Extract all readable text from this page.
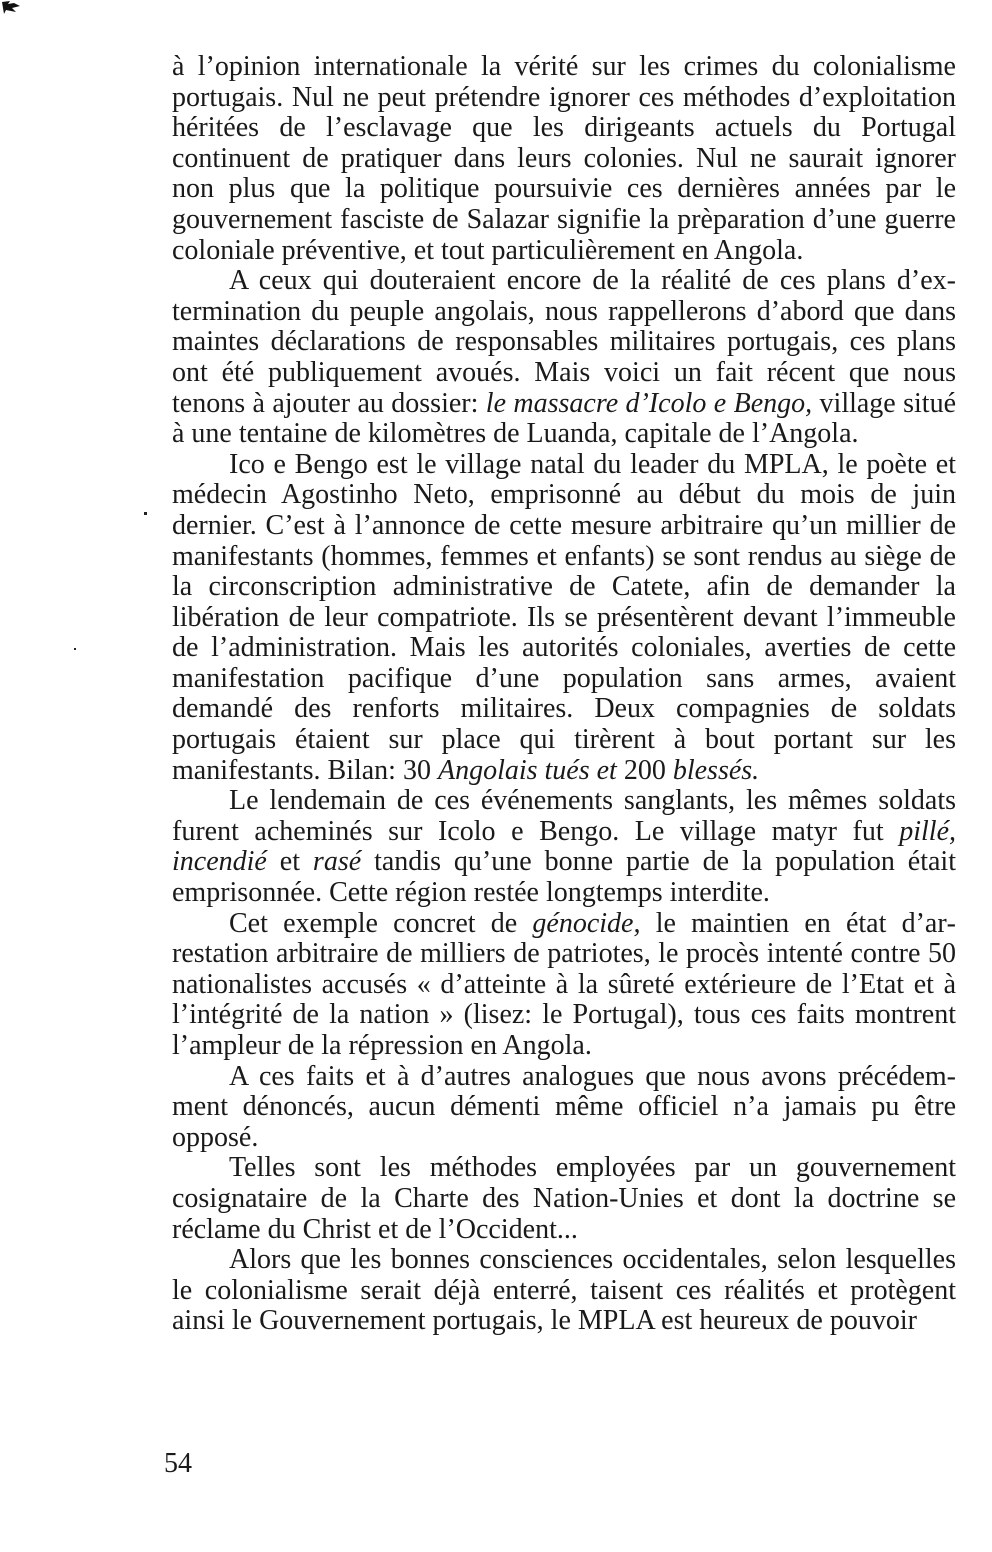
à l’opinion internationale la vérité sur les crimes du colonialisme portugais. Nul ne peut prétendre ignorer ces méthodes d’exploitation héritées de l’esclavage que les dirigeants actuels du Portugal continuent de pratiquer dans leurs colonies. Nul ne saurait ignorer non plus que la politique poursuivie ces dernières années par le gouvernement fasciste de Salazar signifie la prèparation d’une guerre coloniale préventive, et tout particulièrement en Angola.

A ceux qui douteraient encore de la réalité de ces plans d’extermination du peuple angolais, nous rappellerons d’abord que dans maintes déclarations de responsables militaires portugais, ces plans ont été publiquement avoués. Mais voici un fait récent que nous tenons à ajouter au dossier: le massacre d’Icolo e Bengo, village situé à une tentaine de kilomètres de Luanda, capitale de l’Angola.

Ico e Bengo est le village natal du leader du MPLA, le poète et médecin Agostinho Neto, emprisonné au début du mois de juin dernier. C’est à l’annonce de cette mesure arbitraire qu’un millier de manifestants (hommes, femmes et enfants) se sont rendus au siège de la circonscription administrative de Catete, afin de demander la libération de leur compatriote. Ils se présentèrent devant l’immeuble de l’administration. Mais les autorités coloniales, averties de cette manifestation pacifique d’une population sans armes, avaient demandé des renforts militaires. Deux compagnies de soldats portugais étaient sur place qui tirèrent à bout portant sur les manifestants. Bilan: 30 Angolais tués et 200 blessés.

Le lendemain de ces événements sanglants, les mêmes soldats furent acheminés sur Icolo e Bengo. Le village matyr fut pillé, incendié et rasé tandis qu’une bonne partie de la population était emprisonnée. Cette région restée longtemps interdite.

Cet exemple concret de génocide, le maintien en état d’arrestation arbitraire de milliers de patriotes, le procès intenté contre 50 nationalistes accusés « d’atteinte à la sûreté extérieure de l’Etat et à l’intégrité de la nation » (lisez: le Portugal), tous ces faits montrent l’ampleur de la répression en Angola.

A ces faits et à d’autres analogues que nous avons précédemment dénoncés, aucun démenti même officiel n’a jamais pu être opposé.

Telles sont les méthodes employées par un gouvernement cosignataire de la Charte des Nation-Unies et dont la doctrine se réclame du Christ et de l’Occident...

Alors que les bonnes consciences occidentales, selon lesquelles le colonialisme serait déjà enterré, taisent ces réalités et protègent ainsi le Gouvernement portugais, le MPLA est heureux de pouvoir

54
